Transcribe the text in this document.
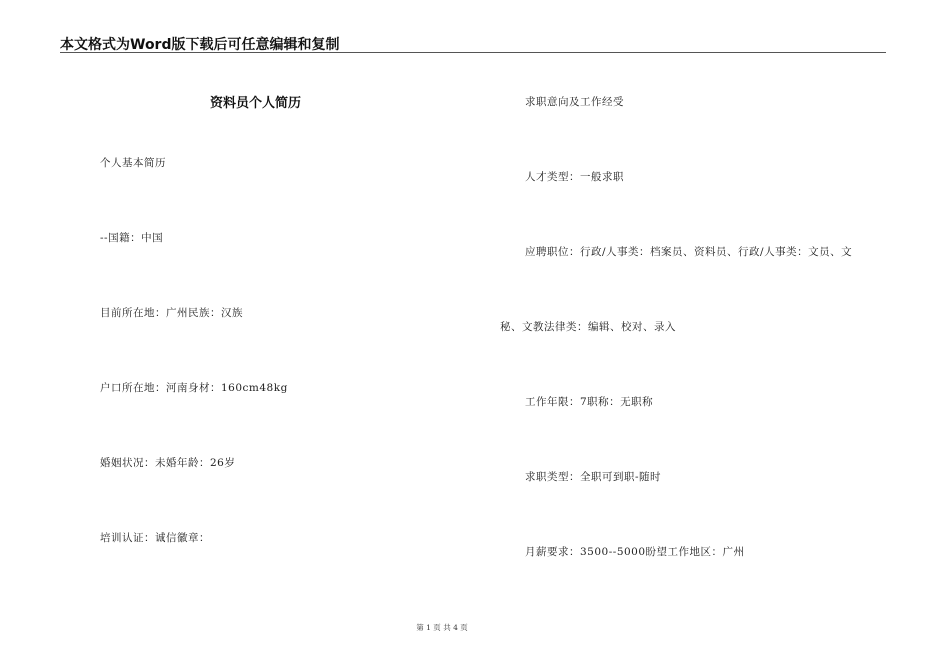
本文格式为Word版下载后可任意编辑和复制
资料员个人简历
个人基本简历
--国籍：中国
目前所在地：广州民族：汉族
户口所在地：河南身材：160cm48kg
婚姻状况：未婚年龄：26岁
培训认证：诚信徽章：
求职意向及工作经受
人才类型：一般求职
应聘职位：行政/人事类：档案员、资料员、行政/人事类：文员、文
秘、文教法律类：编辑、校对、录入
工作年限：7职称：无职称
求职类型：全职可到职-随时
月薪要求：3500--5000盼望工作地区：广州
第 1 页 共 4 页
